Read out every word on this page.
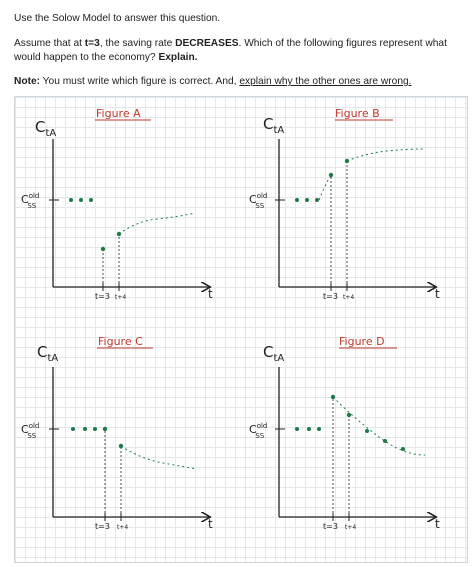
Use the Solow Model to answer this question.
Assume that at t=3, the saving rate DECREASES. Which of the following figures represent what would happen to the economy? Explain.
Note: You must write which figure is correct. And, explain why the other ones are wrong.
Figure A
$C_{tA}$
$C^{old}$ SS
t=3 t+4	t
Figure B
$C_{tA}$
$C^{old}$ SS
t=3 t+4	t
Figure C
$C_{tA}$
$C^{old}$ SS
t=3 t+4	t
Figure D
$C_{tA}$
$C^{old}$ SS
t=3 t+4	t
